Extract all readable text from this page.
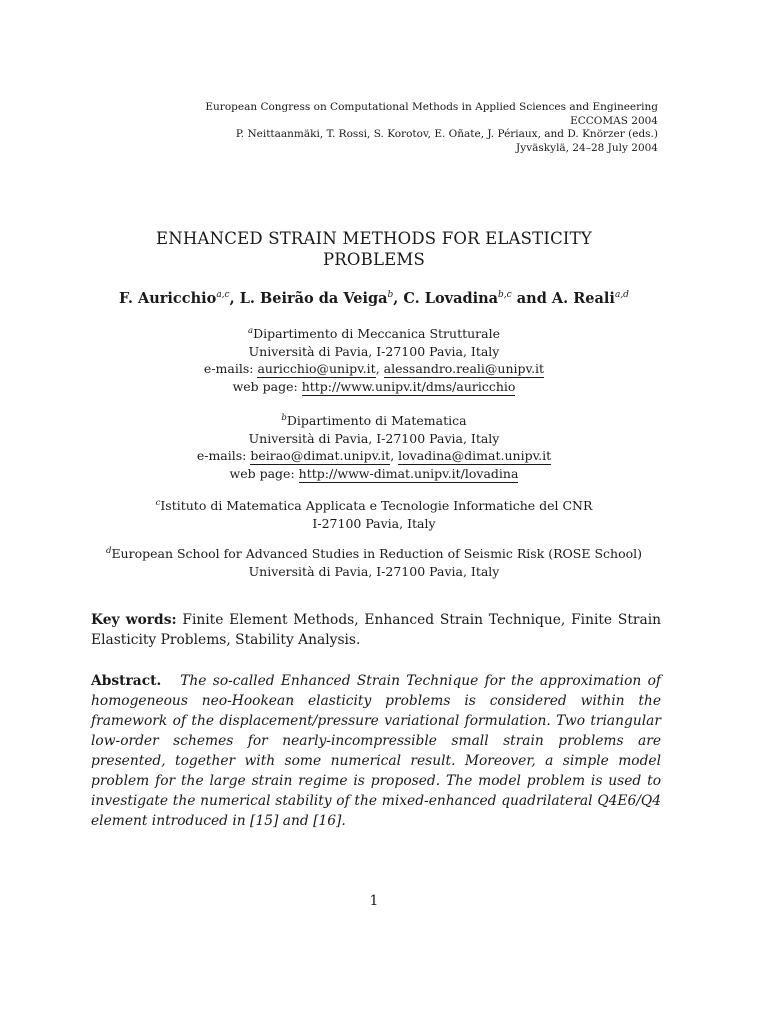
European Congress on Computational Methods in Applied Sciences and Engineering
ECCOMAS 2004
P. Neittaanmäki, T. Rossi, S. Korotov, E. Oñate, J. Périaux, and D. Knörzer (eds.)
Jyväskylä, 24–28 July 2004
ENHANCED STRAIN METHODS FOR ELASTICITY
PROBLEMS
F. Auricchio$^{a,c}$, L. Beirão da Veiga$^b$, C. Lovadina$^{b,c}$ and A. Reali$^{a,d}$
$^a$Dipartimento di Meccanica Strutturale
Università di Pavia, I-27100 Pavia, Italy
e-mails: auricchio@unipv.it, alessandro.reali@unipv.it
web page: http://www.unipv.it/dms/auricchio
$^b$Dipartimento di Matematica
Università di Pavia, I-27100 Pavia, Italy
e-mails: beirao@dimat.unipv.it, lovadina@dimat.unipv.it
web page: http://www-dimat.unipv.it/lovadina
$^c$Istituto di Matematica Applicata e Tecnologie Informatiche del CNR
I-27100 Pavia, Italy
$^d$European School for Advanced Studies in Reduction of Seismic Risk (ROSE School)
Università di Pavia, I-27100 Pavia, Italy
Key words: Finite Element Methods, Enhanced Strain Technique, Finite Strain Elasticity Problems, Stability Analysis.
Abstract. The so-called Enhanced Strain Technique for the approximation of homogeneous neo-Hookean elasticity problems is considered within the framework of the displacement/pressure variational formulation. Two triangular low-order schemes for nearly-incompressible small strain problems are presented, together with some numerical result. Moreover, a simple model problem for the large strain regime is proposed. The model problem is used to investigate the numerical stability of the mixed-enhanced quadrilateral Q4E6/Q4 element introduced in [15] and [16].
1
